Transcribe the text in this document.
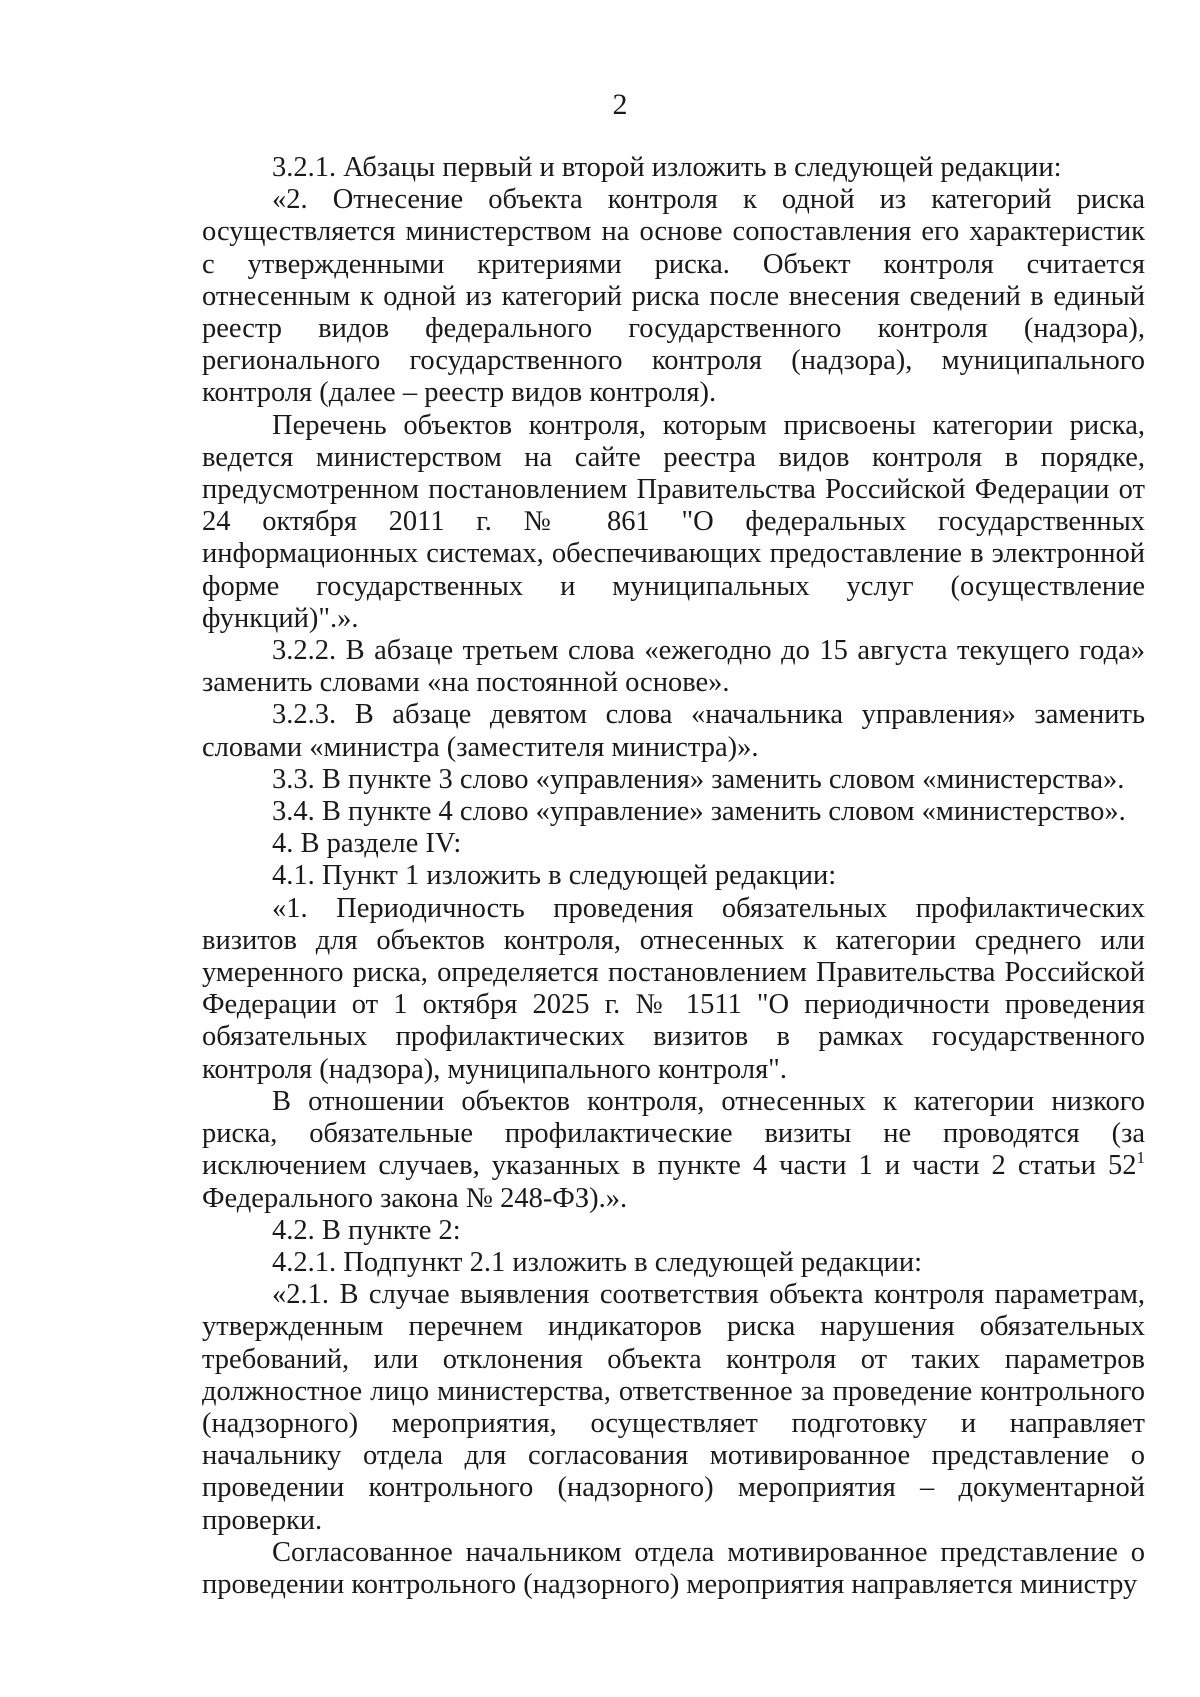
2

3.2.1. Абзацы первый и второй изложить в следующей редакции:

«2. Отнесение объекта контроля к одной из категорий риска осуществляется министерством на основе сопоставления его характеристик с утвержденными критериями риска. Объект контроля считается отнесенным к одной из категорий риска после внесения сведений в единый реестр видов федерального государственного контроля (надзора), регионального государственного контроля (надзора), муниципального контроля (далее – реестр видов контроля).

Перечень объектов контроля, которым присвоены категории риска, ведется министерством на сайте реестра видов контроля в порядке, предусмотренном постановлением Правительства Российской Федерации от 24 октября 2011 г. № 861 "О федеральных государственных информационных системах, обеспечивающих предоставление в электронной форме государственных и муниципальных услуг (осуществление функций)".».

3.2.2. В абзаце третьем слова «ежегодно до 15 августа текущего года» заменить словами «на постоянной основе».

3.2.3. В абзаце девятом слова «начальника управления» заменить словами «министра (заместителя министра)».

3.3. В пункте 3 слово «управления» заменить словом «министерства».

3.4. В пункте 4 слово «управление» заменить словом «министерство».

4. В разделе IV:

4.1. Пункт 1 изложить в следующей редакции:

«1. Периодичность проведения обязательных профилактических визитов для объектов контроля, отнесенных к категории среднего или умеренного риска, определяется постановлением Правительства Российской Федерации от 1 октября 2025 г. № 1511 "О периодичности проведения обязательных профилактических визитов в рамках государственного контроля (надзора), муниципального контроля".

В отношении объектов контроля, отнесенных к категории низкого риска, обязательные профилактические визиты не проводятся (за исключением случаев, указанных в пункте 4 части 1 и части 2 статьи $52^1$ Федерального закона № 248-ФЗ).».

4.2. В пункте 2:

4.2.1. Подпункт 2.1 изложить в следующей редакции:

«2.1. В случае выявления соответствия объекта контроля параметрам, утвержденным перечнем индикаторов риска нарушения обязательных требований, или отклонения объекта контроля от таких параметров должностное лицо министерства, ответственное за проведение контрольного (надзорного) мероприятия, осуществляет подготовку и направляет начальнику отдела для согласования мотивированное представление о проведении контрольного (надзорного) мероприятия – документарной проверки.

Согласованное начальником отдела мотивированное представление о проведении контрольного (надзорного) мероприятия направляется министру
